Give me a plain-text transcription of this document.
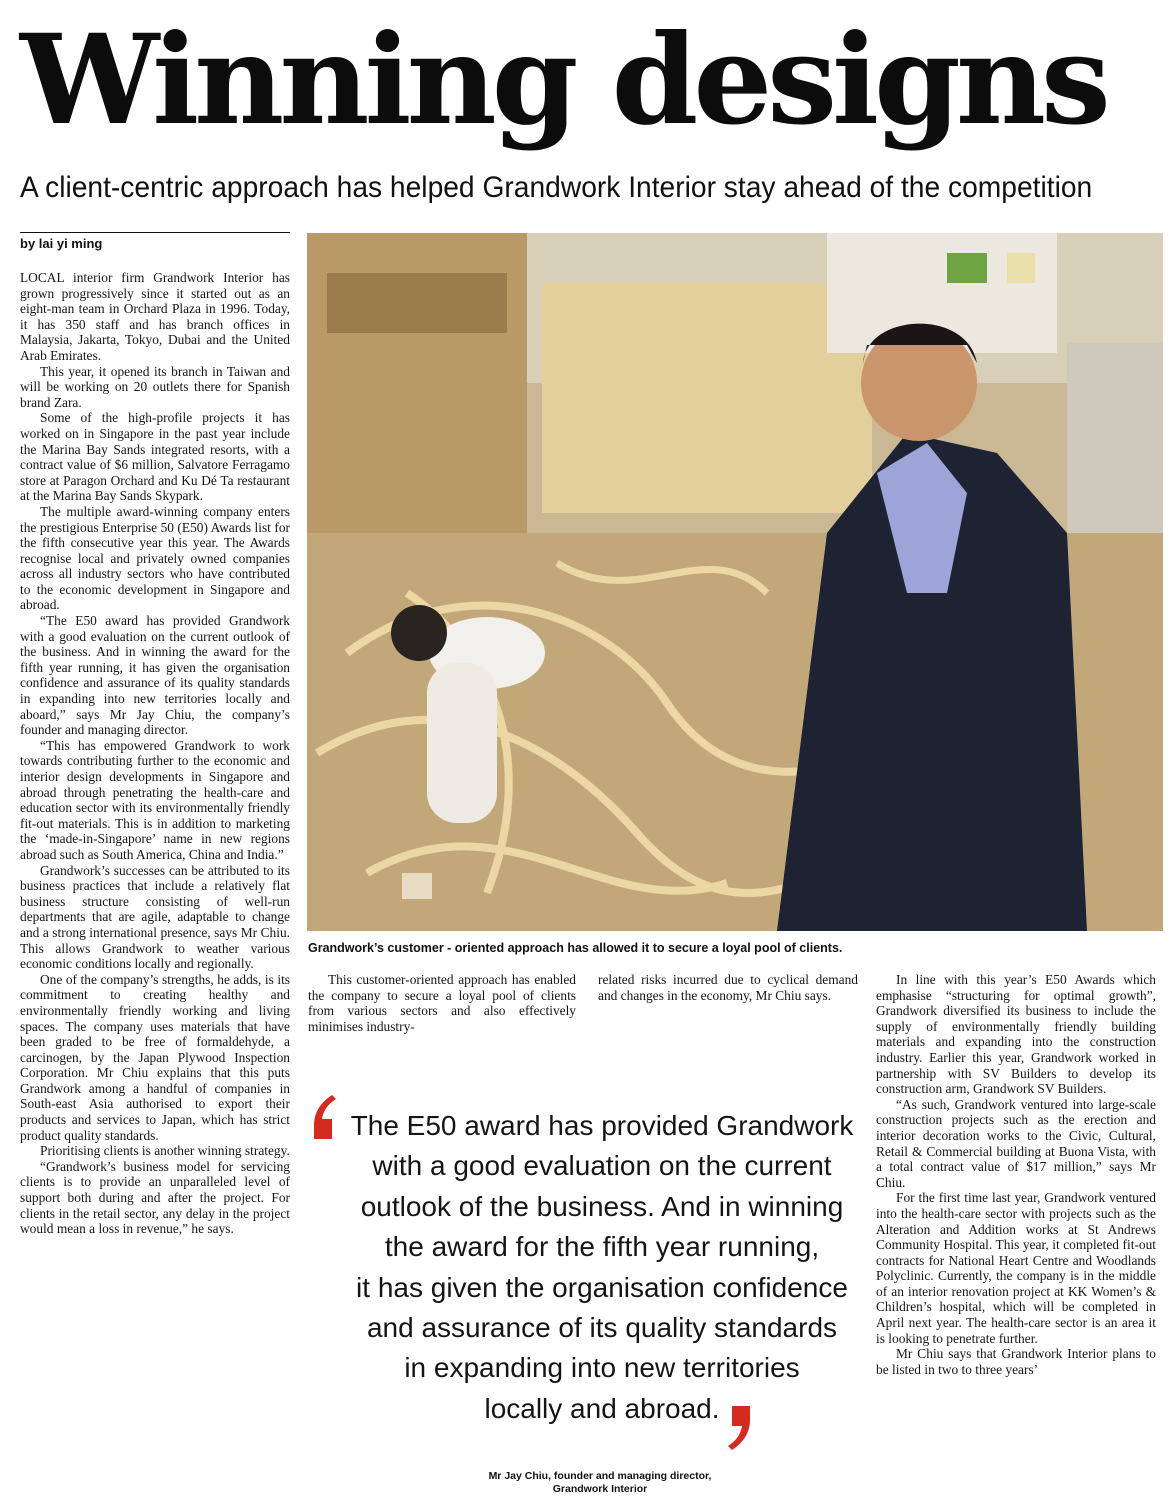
Winning designs
A client-centric approach has helped Grandwork Interior stay ahead of the competition
by lai yi ming

LOCAL interior firm Grandwork Interior has grown progressively since it started out as an eight-man team in Orchard Plaza in 1996. Today, it has 350 staff and has branch offices in Malaysia, Jakarta, Tokyo, Dubai and the United Arab Emirates.

This year, it opened its branch in Taiwan and will be working on 20 outlets there for Spanish brand Zara.

Some of the high-profile projects it has worked on in Singapore in the past year include the Marina Bay Sands integrated resorts, with a contract value of $6 million, Salvatore Ferragamo store at Paragon Orchard and Ku Dé Ta restaurant at the Marina Bay Sands Skypark.

The multiple award-winning company enters the prestigious Enterprise 50 (E50) Awards list for the fifth consecutive year this year. The Awards recognise local and privately owned companies across all industry sectors who have contributed to the economic development in Singapore and abroad.

“The E50 award has provided Grandwork with a good evaluation on the current outlook of the business. And in winning the award for the fifth year running, it has given the organisation confidence and assurance of its quality standards in expanding into new territories locally and aboard,” says Mr Jay Chiu, the company’s founder and managing director.

“This has empowered Grandwork to work towards contributing further to the economic and interior design developments in Singapore and abroad through penetrating the health-care and education sector with its environmentally friendly fit-out materials. This is in addition to marketing the ‘made-in-Singapore’ name in new regions abroad such as South America, China and India.”

Grandwork’s successes can be attributed to its business practices that include a relatively flat business structure consisting of well-run departments that are agile, adaptable to change and a strong international presence, says Mr Chiu. This allows Grandwork to weather various economic conditions locally and regionally.

One of the company’s strengths, he adds, is its commitment to creating healthy and environmentally friendly working and living spaces. The company uses materials that have been graded to be free of formaldehyde, a carcinogen, by the Japan Plywood Inspection Corporation. Mr Chiu explains that this puts Grandwork among a handful of companies in South-east Asia authorised to export their products and services to Japan, which has strict product quality standards.

Prioritising clients is another winning strategy.

“Grandwork’s business model for servicing clients is to provide an unparalleled level of support both during and after the project. For clients in the retail sector, any delay in the project would mean a loss in revenue,” he says.

Grandwork’s customer - oriented approach has allowed it to secure a loyal pool of clients.

This customer-oriented approach has enabled the company to secure a loyal pool of clients from various sectors and also effectively minimises industry-

related risks incurred due to cyclical demand and changes in the economy, Mr Chiu says.

In line with this year’s E50 Awards which emphasise “structuring for optimal growth”, Grandwork diversified its business to include the supply of environmentally friendly building materials and expanding into the construction industry. Earlier this year, Grandwork worked in partnership with SV Builders to develop its construction arm, Grandwork SV Builders.

“As such, Grandwork ventured into large-scale construction projects such as the erection and interior decoration works to the Civic, Cultural, Retail & Commercial building at Buona Vista, with a total contract value of $17 million,” says Mr Chiu.

For the first time last year, Grandwork ventured into the health-care sector with projects such as the Alteration and Addition works at St Andrews Community Hospital. This year, it completed fit-out contracts for National Heart Centre and Woodlands Polyclinic. Currently, the company is in the middle of an interior renovation project at KK Women’s & Children’s hospital, which will be completed in April next year. The health-care sector is an area it is looking to penetrate further.

Mr Chiu says that Grandwork Interior plans to be listed in two to three years’

The E50 award has provided Grandwork
with a good evaluation on the current
outlook of the business. And in winning
the award for the fifth year running,
it has given the organisation confidence
and assurance of its quality standards
in expanding into new territories
locally and abroad.
Mr Jay Chiu, founder and managing director,
Grandwork Interior
